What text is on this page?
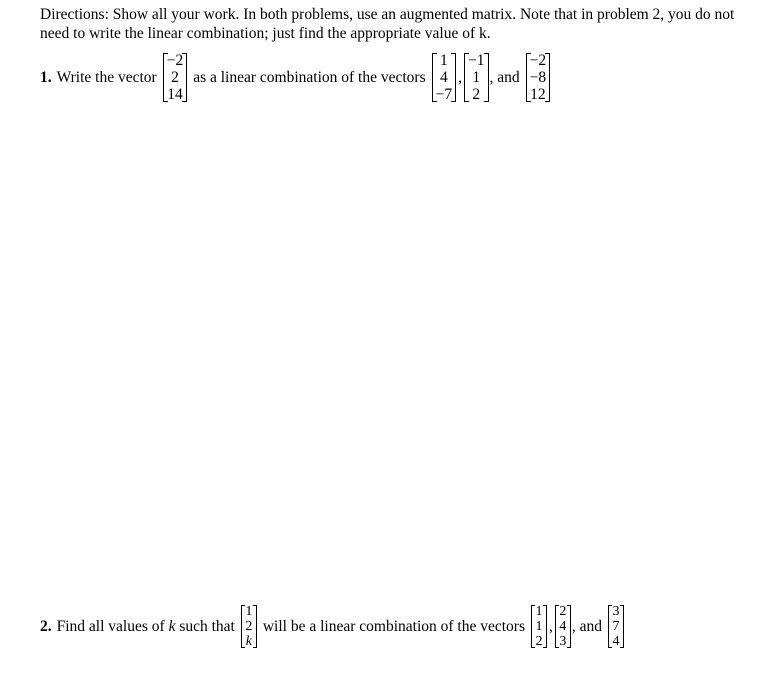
Directions: Show all your work. In both problems, use an augmented matrix. Note that in problem 2, you do not need to write the linear combination; just find the appropriate value of k.
1. Write the vector
−2
2
14
as a linear combination of the vectors
1
4
−7
,
−1
1
2
, and
−2
−8
12
2. Find all values of k such that
1
2
k
will be a linear combination of the vectors
1
1
2
,
2
4
3
, and
3
7
4
